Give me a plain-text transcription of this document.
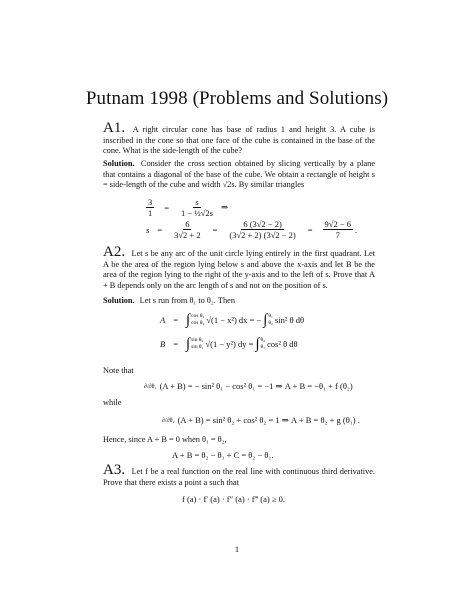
Putnam 1998 (Problems and Solutions)
A1. A right circular cone has base of radius 1 and height 3. A cube is inscribed in the cone so that one face of the cube is contained in the base of the cone. What is the side-length of the cube?
Solution. Consider the cross section obtained by slicing vertically by a plane that contains a diagonal of the base of the cube. We obtain a rectangle of height s = side-length of the cube and width √2s. By similar triangles
$\frac{3}{1} = \frac{s}{\text{1 − ½√2s}}$ ⇒
$s = \frac{6}{3√2 + 2} = \frac{6 (3√2 - 2)}{(3√2 + 2) (3√2 - 2)} = \frac{9√2 - 6}{7}$ .
A2. Let s be any arc of the unit circle lying entirely in the first quadrant. Let A be the area of the region lying below s and above the x-axis and let B be the area of the region lying to the right of the y-axis and to the left of s. Prove that A + B depends only on the arc length of s and not on the position of s.
Solution. Let s run from θ₁ to θ₂. Then
A = ∫ cos θ₁
cos θ₂ √(1 − x²) dx = − ∫ θ₁
θ₂ sin² θ dθ
B = ∫ sin θ₂
sin θ₁ √(1 − y²) dy = ∫ θ₂
θ₁ cos² θ dθ
Note that
∂/∂θ₁ (A + B) = − sin² θ₁ − cos² θ₁ = −1 ⇒ A + B = −θ₁ + f (θ₂)
while
∂/∂θ₂ (A + B) = sin² θ₂ + cos² θ₂ = 1 ⇒ A + B = θ₂ + g (θ₁) .
Hence, since A + B = 0 when θ₁ = θ₂,
A + B = θ₂ − θ₁ + C = θ₂ − θ₁.
A3. Let f be a real function on the real line with continuous third derivative. Prove that there exists a point a such that
f (a) · f′ (a) · f″ (a) · f‴ (a) ≥ 0.
1
